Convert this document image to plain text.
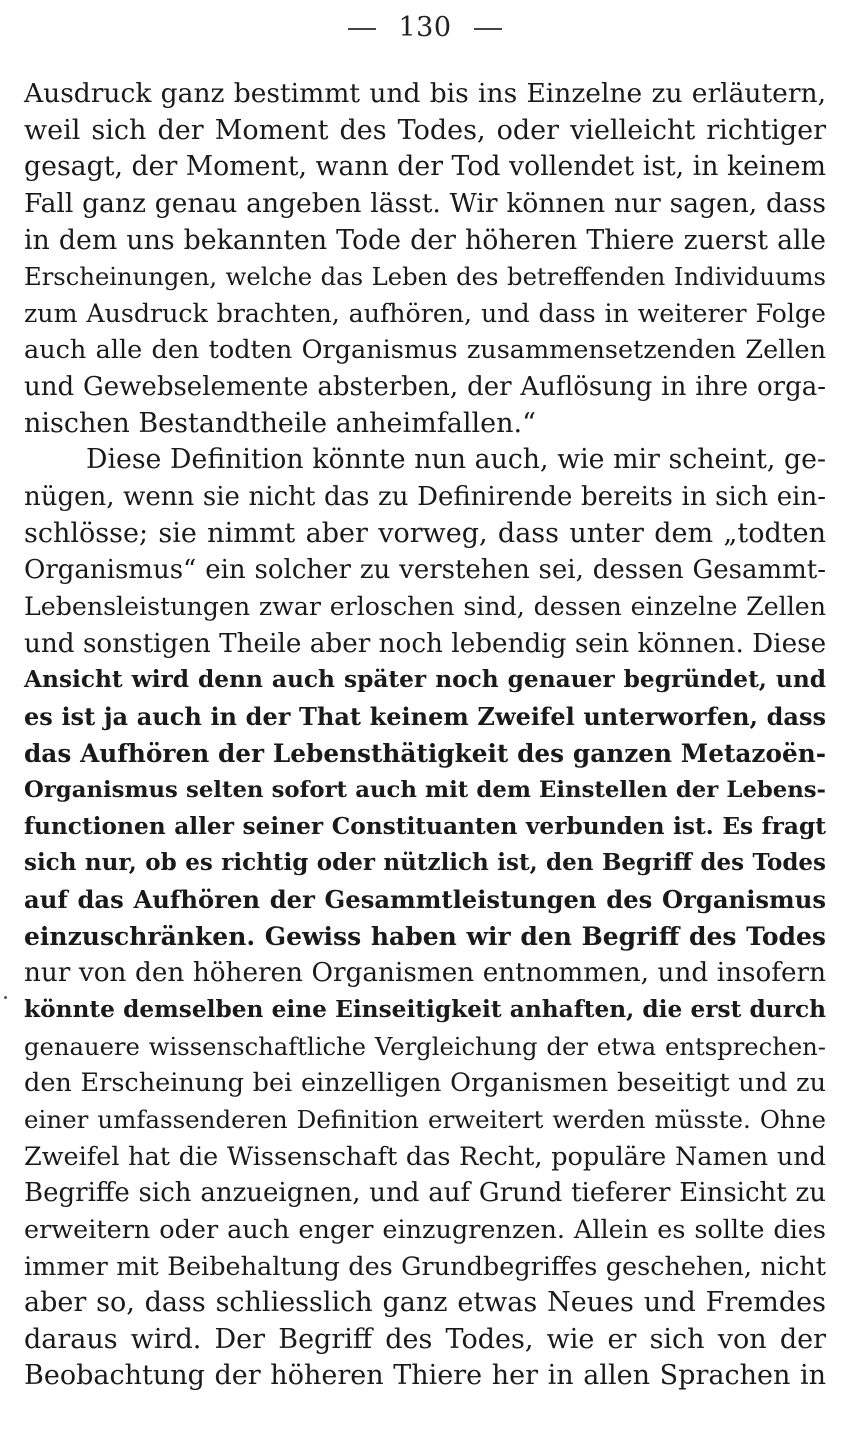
130
Ausdruck ganz bestimmt und bis ins Einzelne zu erläutern,
weil sich der Moment des Todes, oder vielleicht richtiger
gesagt, der Moment, wann der Tod vollendet ist, in keinem
Fall ganz genau angeben lässt. Wir können nur sagen, dass
in dem uns bekannten Tode der höheren Thiere zuerst alle
Erscheinungen, welche das Leben des betreffenden Individuums
zum Ausdruck brachten, aufhören, und dass in weiterer Folge
auch alle den todten Organismus zusammensetzenden Zellen
und Gewebselemente absterben, der Auflösung in ihre orga-
nischen Bestandtheile anheimfallen.“
Diese Definition könnte nun auch, wie mir scheint, ge-
nügen, wenn sie nicht das zu Definirende bereits in sich ein-
schlösse; sie nimmt aber vorweg, dass unter dem „todten
Organismus“ ein solcher zu verstehen sei, dessen Gesammt-
Lebensleistungen zwar erloschen sind, dessen einzelne Zellen
und sonstigen Theile aber noch lebendig sein können. Diese
Ansicht wird denn auch später noch genauer begründet, und
es ist ja auch in der That keinem Zweifel unterworfen, dass
das Aufhören der Lebensthätigkeit des ganzen Metazoën-
Organismus selten sofort auch mit dem Einstellen der Lebens-
functionen aller seiner Constituanten verbunden ist. Es fragt
sich nur, ob es richtig oder nützlich ist, den Begriff des Todes
auf das Aufhören der Gesammtleistungen des Organismus
einzuschränken. Gewiss haben wir den Begriff des Todes
nur von den höheren Organismen entnommen, und insofern
könnte demselben eine Einseitigkeit anhaften, die erst durch
genauere wissenschaftliche Vergleichung der etwa entsprechen-
den Erscheinung bei einzelligen Organismen beseitigt und zu
einer umfassenderen Definition erweitert werden müsste. Ohne
Zweifel hat die Wissenschaft das Recht, populäre Namen und
Begriffe sich anzueignen, und auf Grund tieferer Einsicht zu
erweitern oder auch enger einzugrenzen. Allein es sollte dies
immer mit Beibehaltung des Grundbegriffes geschehen, nicht
aber so, dass schliesslich ganz etwas Neues und Fremdes
daraus wird. Der Begriff des Todes, wie er sich von der
Beobachtung der höheren Thiere her in allen Sprachen in
